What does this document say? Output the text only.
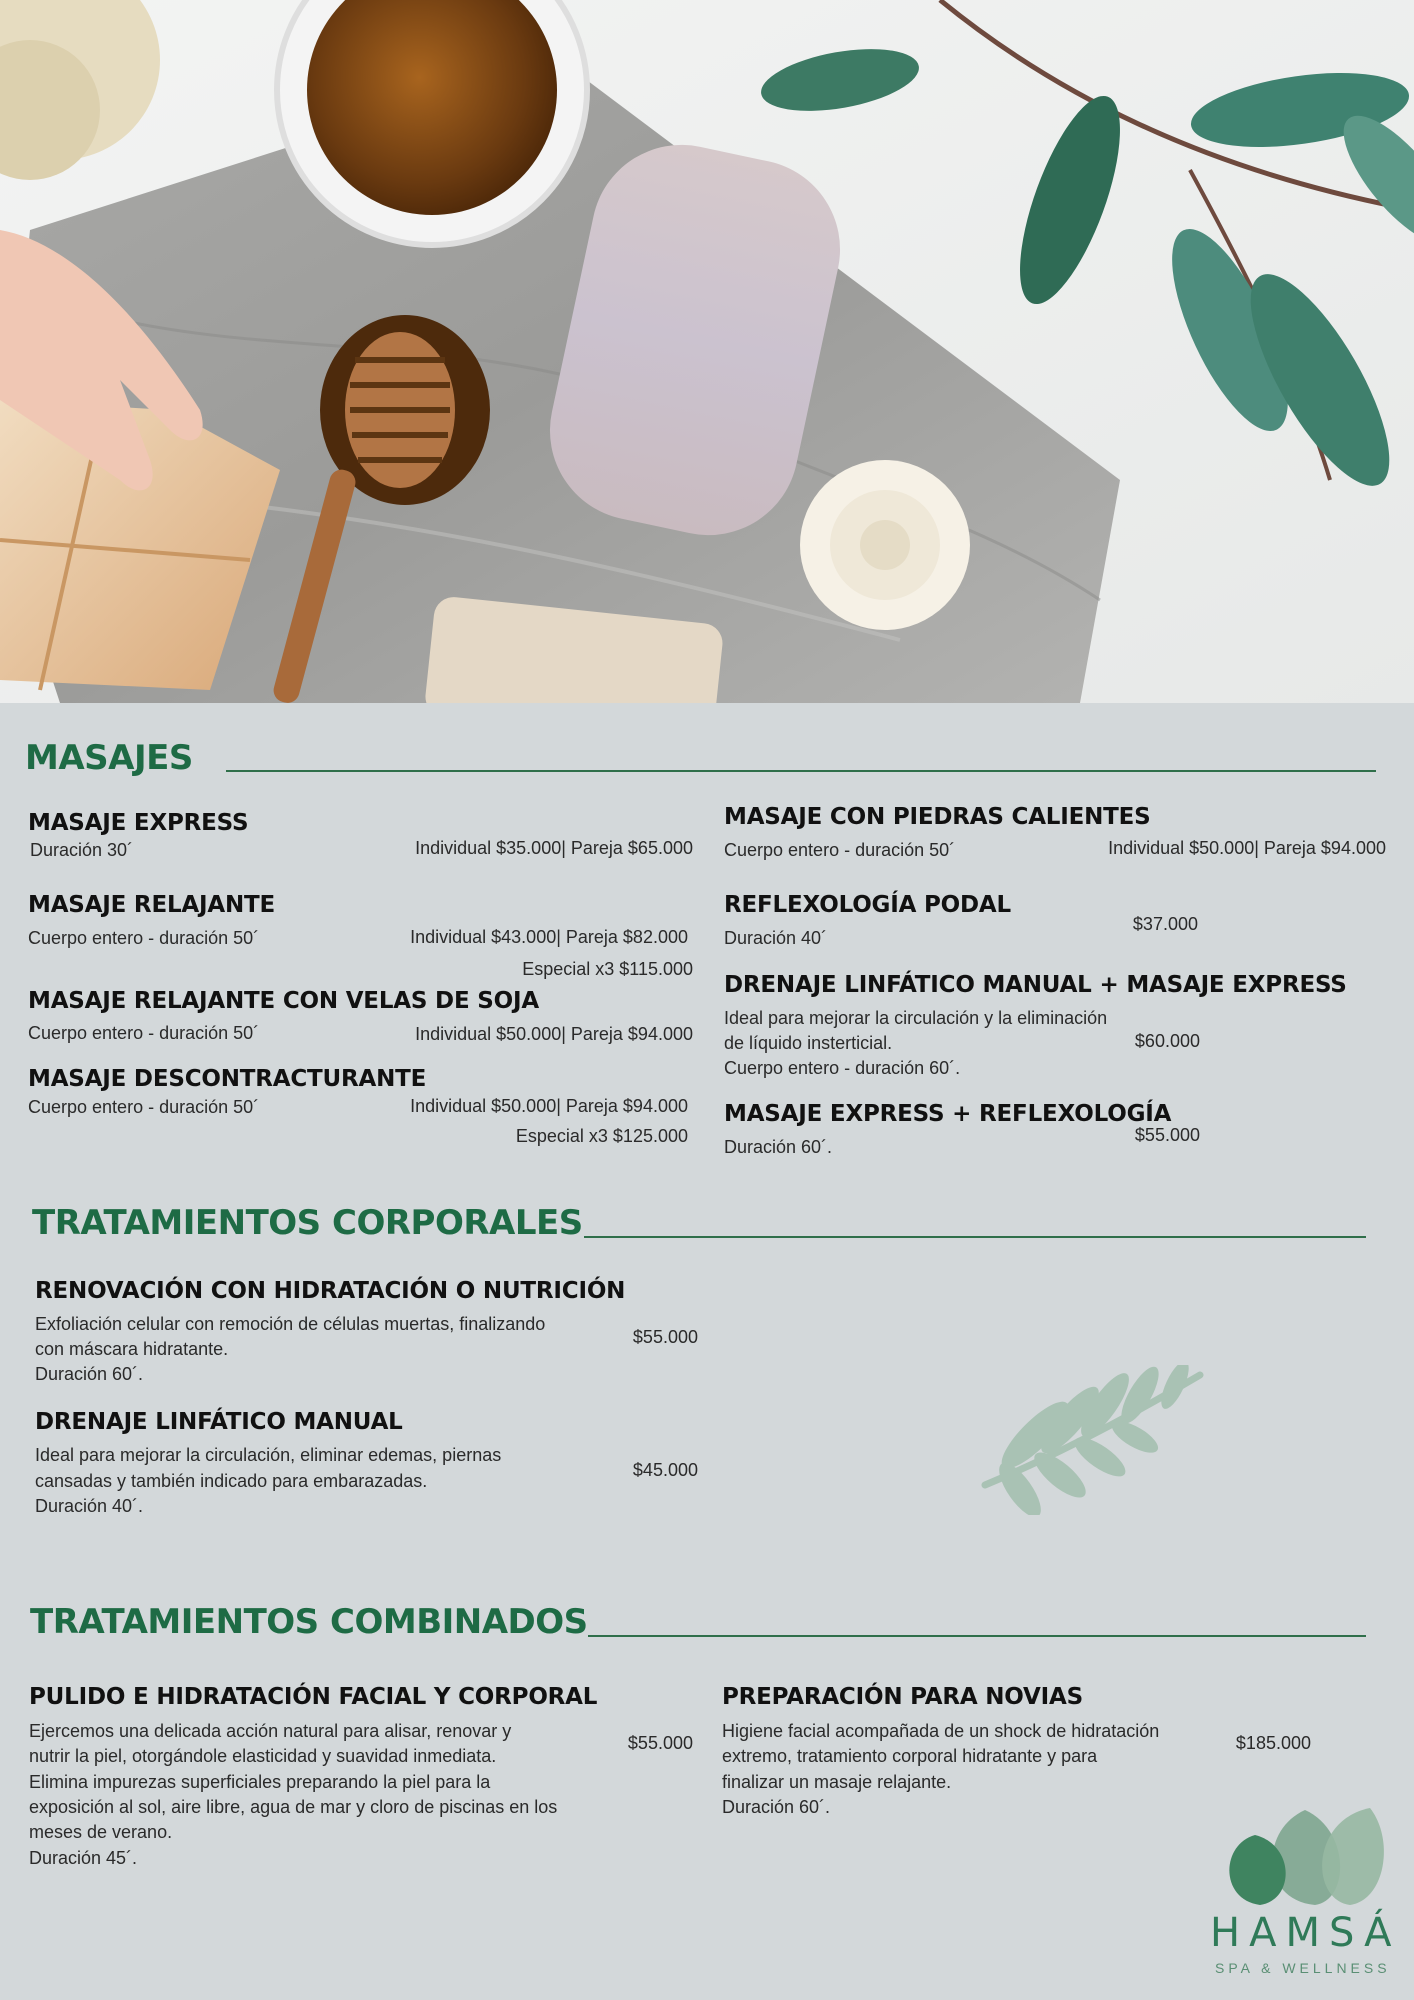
MASAJES
MASAJE EXPRESS

Duración 30´	Individual $35.000| Pareja $65.000

MASAJE RELAJANTE

Cuerpo entero - duración 50´	Individual $43.000| Pareja $82.000

Especial x3 $115.000

MASAJE RELAJANTE CON VELAS DE SOJA

Cuerpo entero - duración 50´	Individual $50.000| Pareja $94.000

MASAJE DESCONTRACTURANTE

Cuerpo entero - duración 50´	Individual $50.000| Pareja $94.000

Especial x3 $125.000

MASAJE CON PIEDRAS CALIENTES

Cuerpo entero - duración 50´	Individual $50.000| Pareja $94.000

REFLEXOLOGÍA PODAL

Duración 40´

$37.000

DRENAJE LINFÁTICO MANUAL + MASAJE EXPRESS

Ideal para mejorar la circulación y la eliminación

de líquido insterticial.

Cuerpo entero - duración 60´.

$60.000

MASAJE EXPRESS + REFLEXOLOGÍA

Duración 60´.

$55.000

TRATAMIENTOS CORPORALES
RENOVACIÓN CON HIDRATACIÓN O NUTRICIÓN

Exfoliación celular con remoción de células muertas, finalizando

con máscara hidratante.

Duración 60´.

$55.000

DRENAJE LINFÁTICO MANUAL

Ideal para mejorar la circulación, eliminar edemas, piernas

cansadas y también indicado para embarazadas.

Duración 40´.

$45.000

TRATAMIENTOS COMBINADOS
PULIDO E HIDRATACIÓN FACIAL Y CORPORAL

Ejercemos una delicada acción natural para alisar, renovar y

nutrir la piel, otorgándole elasticidad y suavidad inmediata.

Elimina impurezas superficiales preparando la piel para la

exposición al sol, aire libre, agua de mar y cloro de piscinas en los

meses de verano.

Duración 45´.

$55.000

PREPARACIÓN PARA NOVIAS

Higiene facial acompañada de un shock de hidratación

extremo, tratamiento corporal hidratante y para

finalizar un masaje relajante.

Duración 60´.

$185.000

HAMSÁ

SPA & WELLNESS
